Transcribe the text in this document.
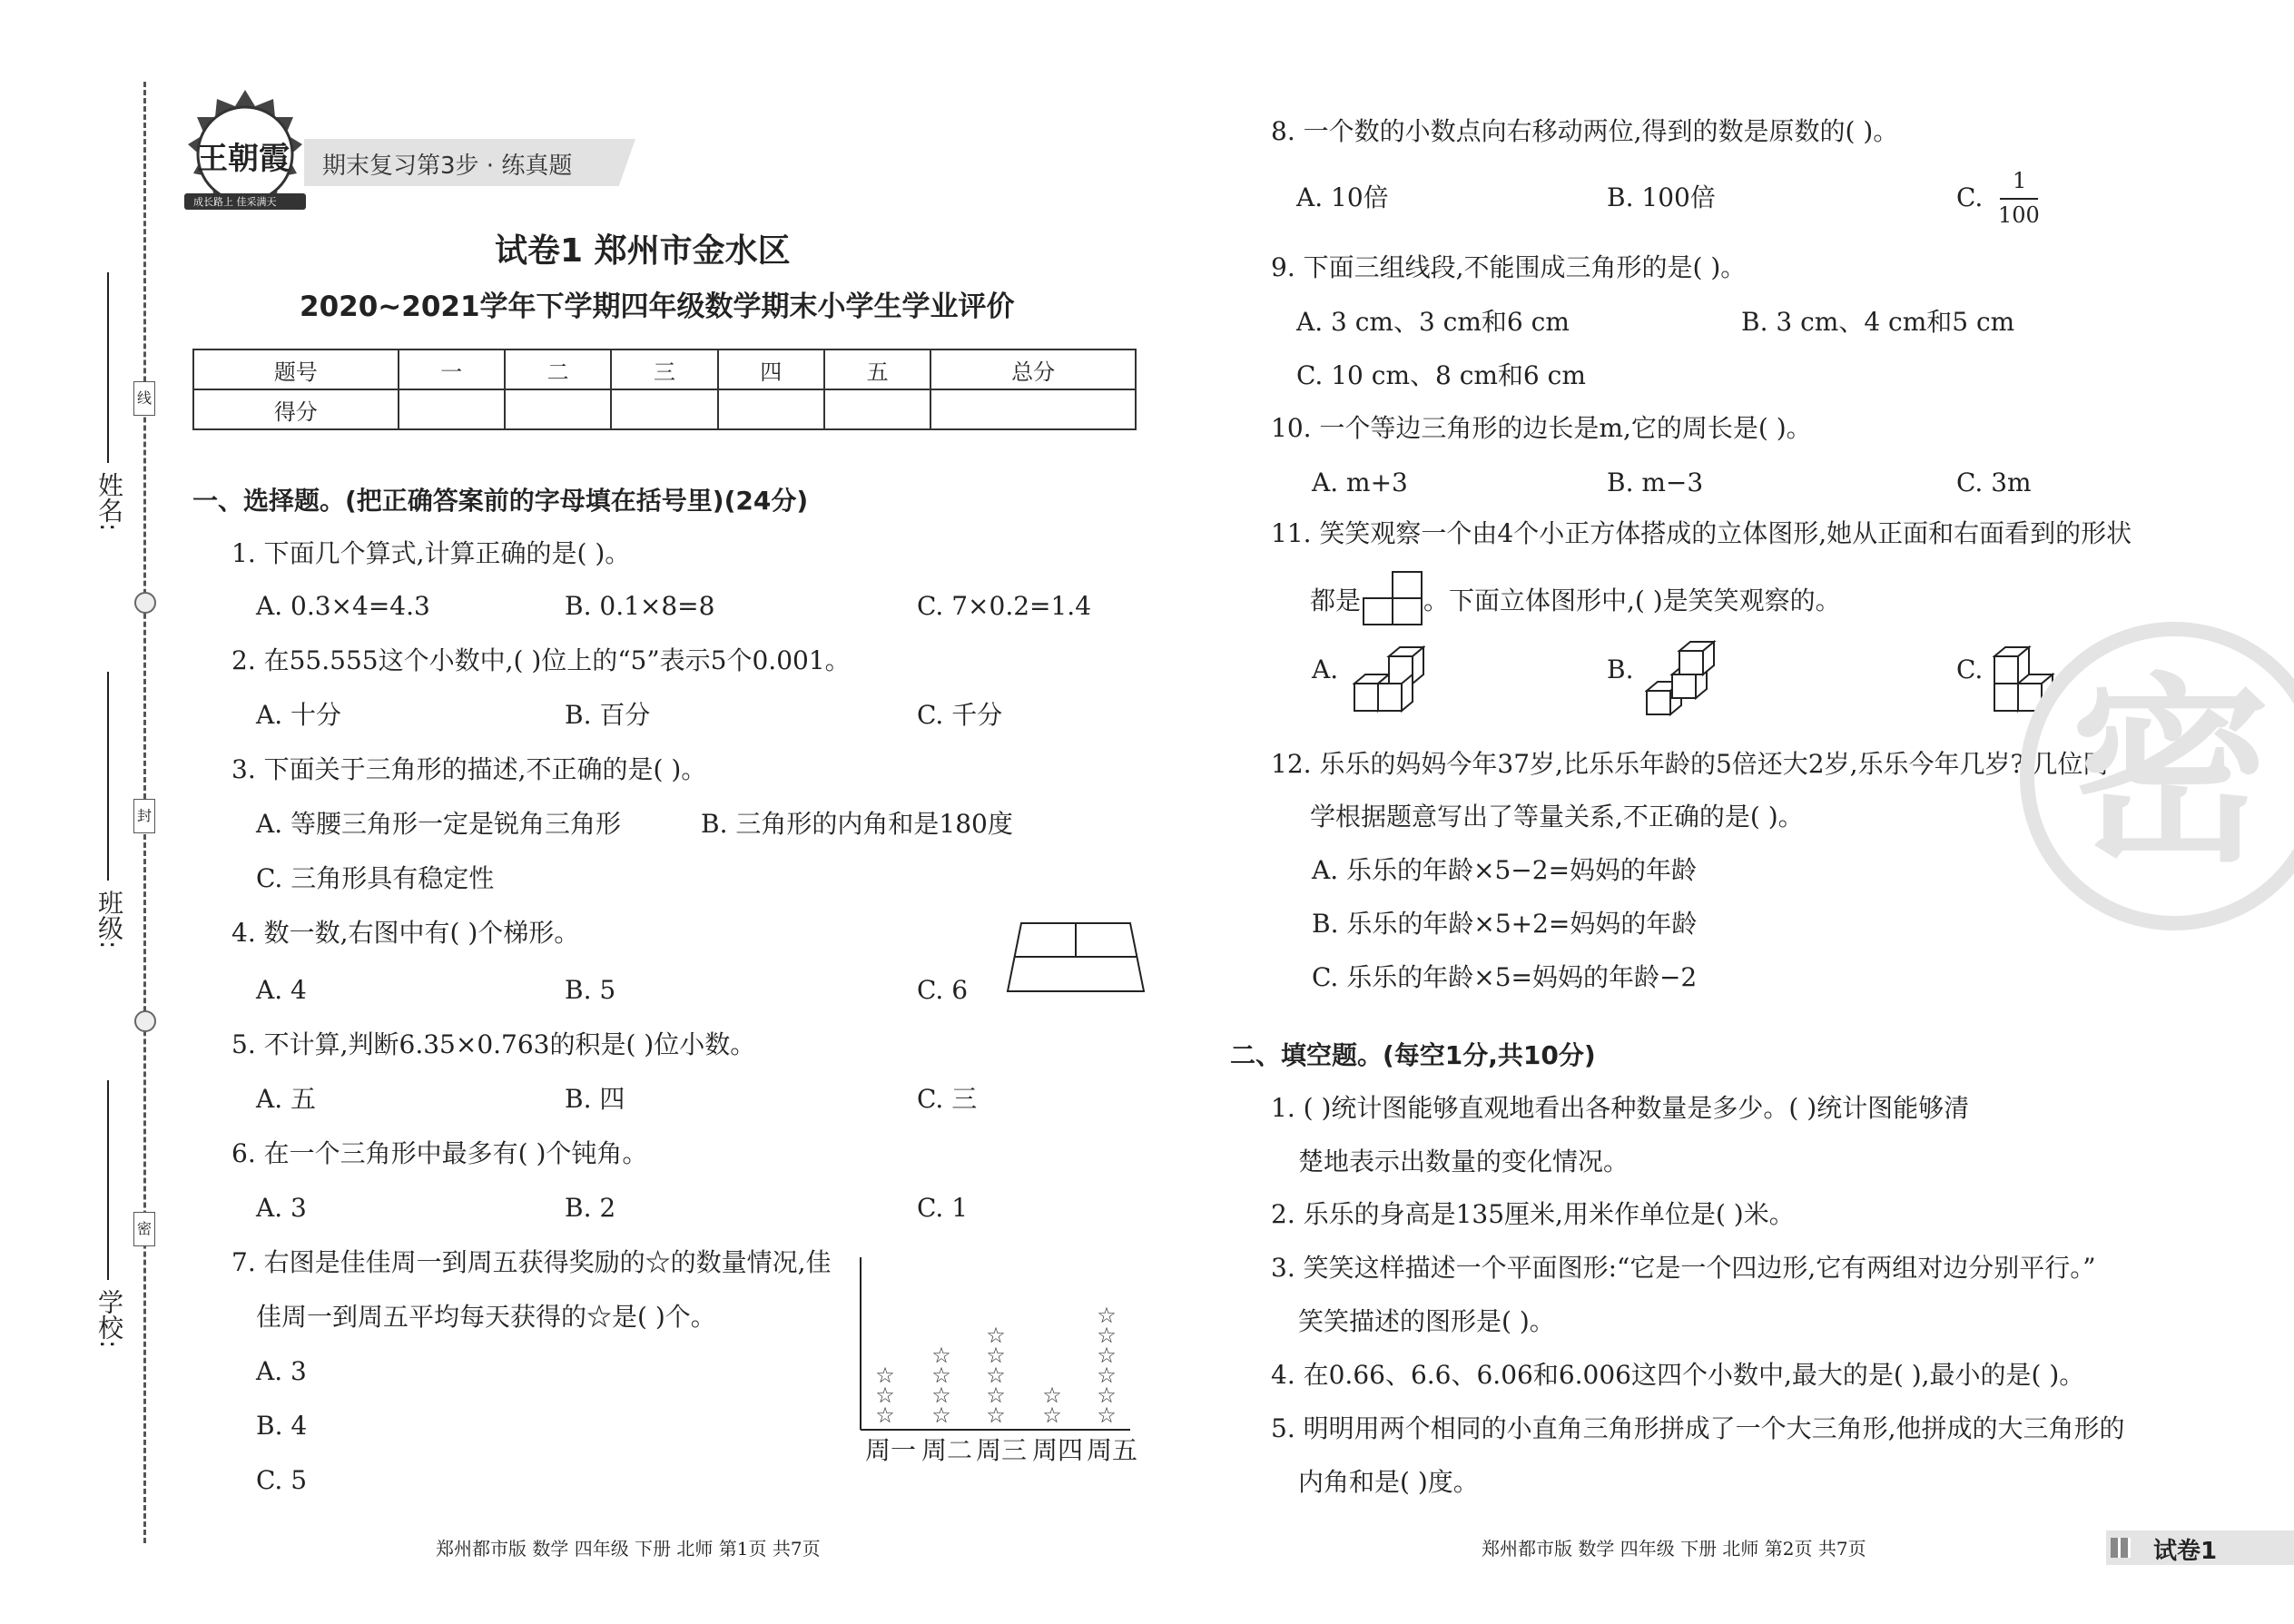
姓名:
班级:
学校:
线
封
密
王朝霞
成长路上 佳采满天
期末复习第3步 · 练真题
试卷1 郑州市金水区
2020~2021学年下学期四年级数学期末小学生学业评价
题号	一	二	三	四	五	总分
得分						
一、选择题。(把正确答案前的字母填在括号里)(24分)
1. 下面几个算式,计算正确的是( )。
A. 0.3×4=4.3	B. 0.1×8=8	C. 7×0.2=1.4
2. 在55.555这个小数中,( )位上的“5”表示5个0.001。
A. 十分	B. 百分	C. 千分
3. 下面关于三角形的描述,不正确的是( )。
A. 等腰三角形一定是锐角三角形	B. 三角形的内角和是180度
C. 三角形具有稳定性
4. 数一数,右图中有( )个梯形。
A. 4	B. 5	C. 6
5. 不计算,判断6.35×0.763的积是( )位小数。
A. 五	B. 四	C. 三
6. 在一个三角形中最多有( )个钝角。
A. 3	B. 2	C. 1
7. 右图是佳佳周一到周五获得奖励的☆的数量情况,佳
佳周一到周五平均每天获得的☆是( )个。
A. 3
B. 4
C. 5
☆
☆
☆
☆
☆
☆
☆
☆
☆
☆
☆
☆
☆
☆
☆
☆
☆
☆
☆
☆
周一 周二 周三 周四 周五
8. 一个数的小数点向右移动两位,得到的数是原数的( )。
A. 10倍	B. 100倍	C.
1
100
9. 下面三组线段,不能围成三角形的是( )。
A. 3 cm、3 cm和6 cm	B. 3 cm、4 cm和5 cm
C. 10 cm、8 cm和6 cm
10. 一个等边三角形的边长是m,它的周长是( )。
A. m+3	B. m−3	C. 3m
11. 笑笑观察一个由4个小正方体搭成的立体图形,她从正面和右面看到的形状
都是 。下面立体图形中,( )是笑笑观察的。
A.	B.	C.
12. 乐乐的妈妈今年37岁,比乐乐年龄的5倍还大2岁,乐乐今年几岁? 几位同
学根据题意写出了等量关系,不正确的是( )。
A. 乐乐的年龄×5−2=妈妈的年龄
B. 乐乐的年龄×5+2=妈妈的年龄
C. 乐乐的年龄×5=妈妈的年龄−2
二、填空题。(每空1分,共10分)
1. ( )统计图能够直观地看出各种数量是多少。( )统计图能够清
楚地表示出数量的变化情况。
2. 乐乐的身高是135厘米,用米作单位是( )米。
3. 笑笑这样描述一个平面图形:“它是一个四边形,它有两组对边分别平行。”
笑笑描述的图形是( )。
4. 在0.66、6.6、6.06和6.006这四个小数中,最大的是( ),最小的是( )。
5. 明明用两个相同的小直角三角形拼成了一个大三角形,他拼成的大三角形的
内角和是( )度。
密
郑州都市版 数学 四年级 下册 北师 第1页 共7页	郑州都市版 数学 四年级 下册 北师 第2页 共7页	试卷1
